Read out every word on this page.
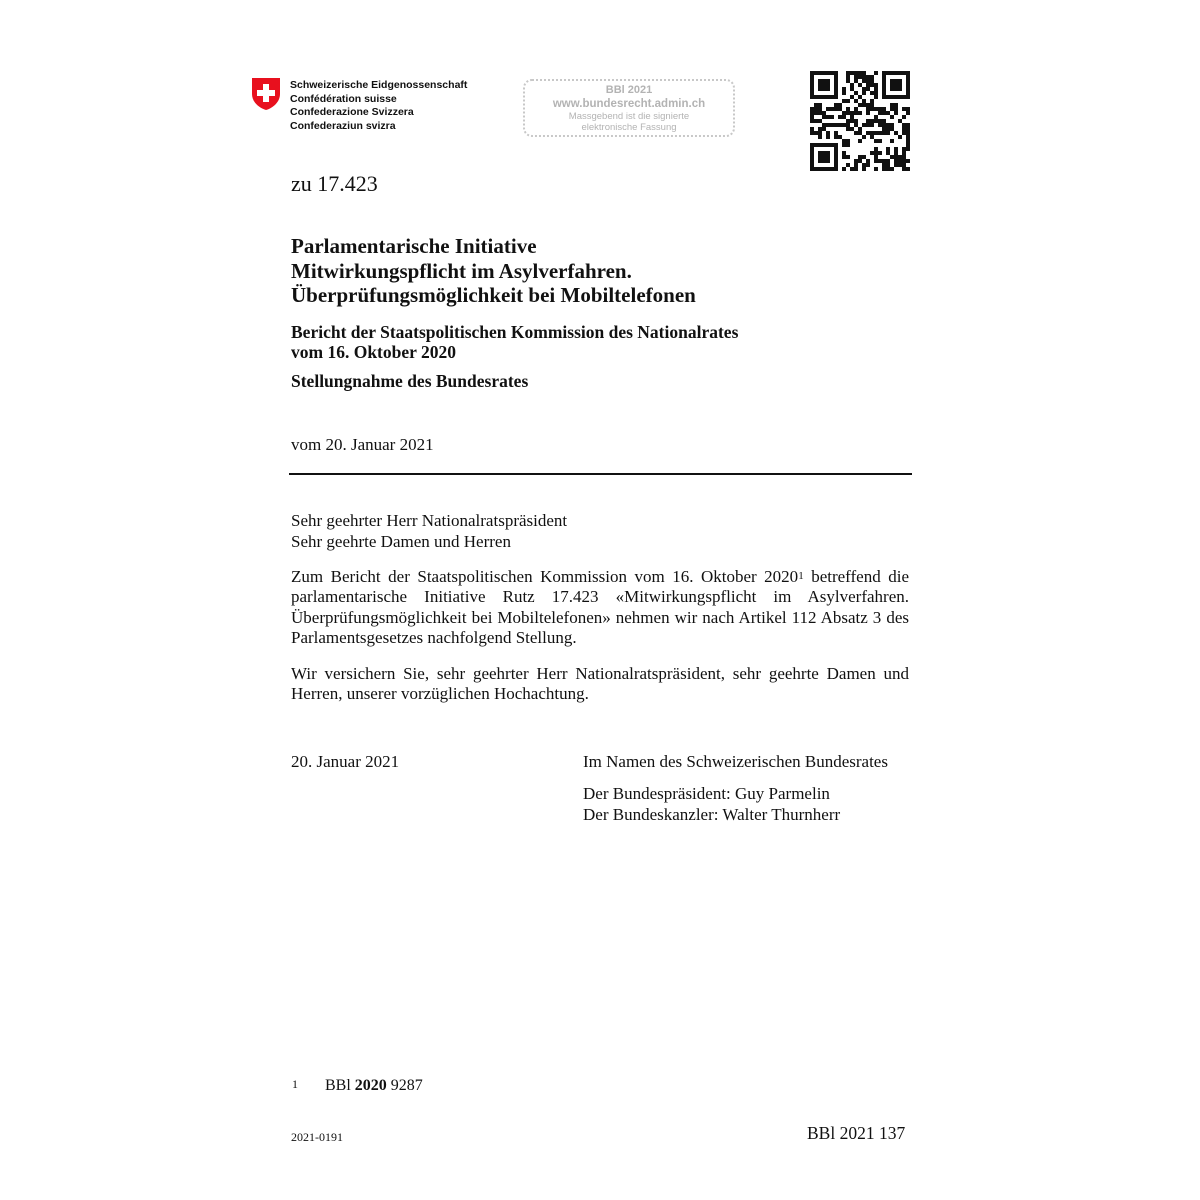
Schweizerische Eidgenossenschaft
Confédération suisse
Confederazione Svizzera
Confederaziun svizra
BBl 2021
www.bundesrecht.admin.ch
Massgebend ist die signierte
elektronische Fassung
zu 17.423
Parlamentarische Initiative
Mitwirkungspflicht im Asylverfahren.
Überprüfungsmöglichkeit bei Mobiltelefonen
Bericht der Staatspolitischen Kommission des Nationalrates
vom 16. Oktober 2020
Stellungnahme des Bundesrates
vom 20. Januar 2021
Sehr geehrter Herr Nationalratspräsident
Sehr geehrte Damen und Herren
Zum Bericht der Staatspolitischen Kommission vom 16. Oktober 2020$^1$ betreffend die parlamentarische Initiative Rutz 17.423 «Mitwirkungspflicht im Asylverfahren. Überprüfungsmöglichkeit bei Mobiltelefonen» nehmen wir nach Artikel 112 Absatz 3 des Parlamentsgesetzes nachfolgend Stellung.
Wir versichern Sie, sehr geehrter Herr Nationalratspräsident, sehr geehrte Damen und Herren, unserer vorzüglichen Hochachtung.
20. Januar 2021	Im Namen des Schweizerischen Bundesrates
Der Bundespräsident: Guy Parmelin
Der Bundeskanzler: Walter Thurnherr
1 BBl 2020 9287
2021-0191	BBl 2021 137
